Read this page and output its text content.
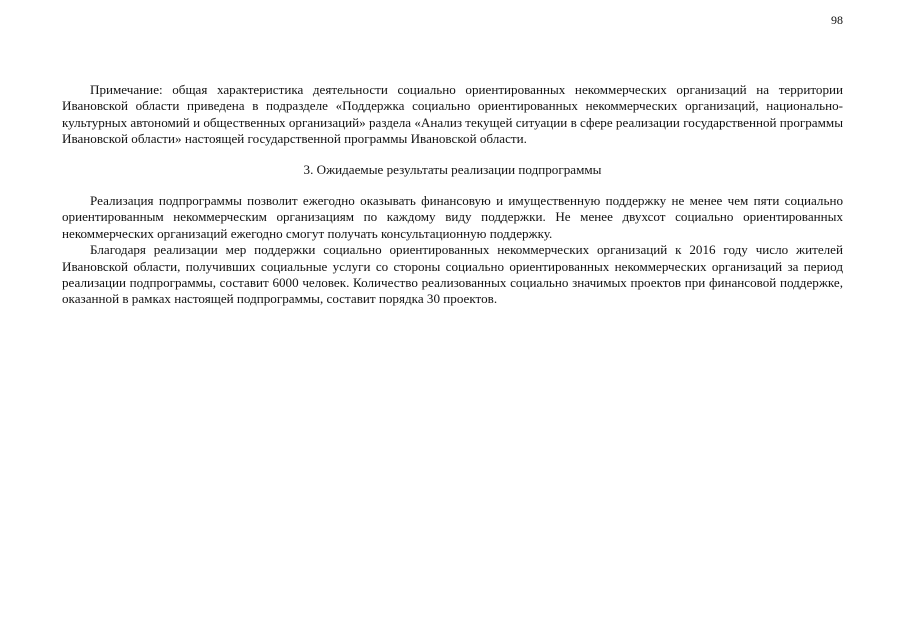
98

Примечание: общая характеристика деятельности социально ориентированных некоммерческих организаций на территории Ивановской области приведена в подразделе «Поддержка социально ориентированных некоммерческих организаций, национально-культурных автономий и общественных организаций» раздела «Анализ текущей ситуации в сфере реализации государственной программы Ивановской области» настоящей государственной программы Ивановской области.

3. Ожидаемые результаты реализации подпрограммы

Реализация подпрограммы позволит ежегодно оказывать финансовую и имущественную поддержку не менее чем пяти социально ориентированным некоммерческим организациям по каждому виду поддержки. Не менее двухсот социально ориентированных некоммерческих организаций ежегодно смогут получать консультационную поддержку.

Благодаря реализации мер поддержки социально ориентированных некоммерческих организаций к 2016 году число жителей Ивановской области, получивших социальные услуги со стороны социально ориентированных некоммерческих организаций за период реализации подпрограммы, составит 6000 человек. Количество реализованных социально значимых проектов при финансовой поддержке, оказанной в рамках настоящей подпрограммы, составит порядка 30 проектов.
